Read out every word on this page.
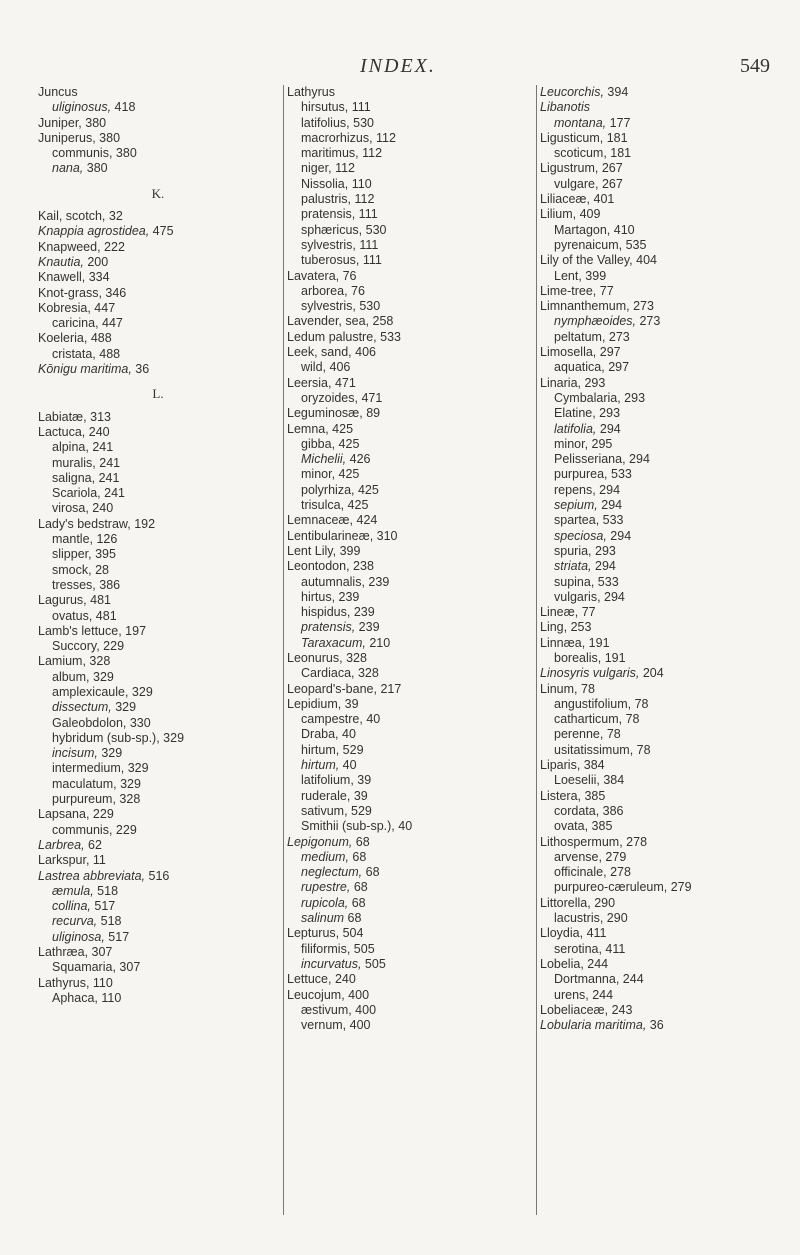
INDEX.	549
Juncus
uliginosus, 418
Juniper, 380
Juniperus, 380
communis, 380
nana, 380
K.
Kail, scotch, 32
Knappia agrostidea, 475
Knapweed, 222
Knautia, 200
Knawell, 334
Knot-grass, 346
Kobresia, 447
caricina, 447
Koeleria, 488
cristata, 488
Kōnigu maritima, 36
L.
Labiatæ, 313
Lactuca, 240
alpina, 241
muralis, 241
saligna, 241
Scariola, 241
virosa, 240
Lady's bedstraw, 192
mantle, 126
slipper, 395
smock, 28
tresses, 386
Lagurus, 481
ovatus, 481
Lamb's lettuce, 197
Succory, 229
Lamium, 328
album, 329
amplexicaule, 329
dissectum, 329
Galeobdolon, 330
hybridum (sub-sp.), 329
incisum, 329
intermedium, 329
maculatum, 329
purpureum, 328
Lapsana, 229
communis, 229
Larbrea, 62
Larkspur, 11
Lastrea abbreviata, 516
æmula, 518
collina, 517
recurva, 518
uliginosa, 517
Lathræa, 307
Squamaria, 307
Lathyrus, 110
Aphaca, 110
Lathyrus
hirsutus, 111
latifolius, 530
macrorhizus, 112
maritimus, 112
niger, 112
Nissolia, 110
palustris, 112
pratensis, 111
sphæricus, 530
sylvestris, 111
tuberosus, 111
Lavatera, 76
arborea, 76
sylvestris, 530
Lavender, sea, 258
Ledum palustre, 533
Leek, sand, 406
wild, 406
Leersia, 471
oryzoides, 471
Leguminosæ, 89
Lemna, 425
gibba, 425
Michelii, 426
minor, 425
polyrhiza, 425
trisulca, 425
Lemnaceæ, 424
Lentibularineæ, 310
Lent Lily, 399
Leontodon, 238
autumnalis, 239
hirtus, 239
hispidus, 239
pratensis, 239
Taraxacum, 210
Leonurus, 328
Cardiaca, 328
Leopard's-bane, 217
Lepidium, 39
campestre, 40
Draba, 40
hirtum, 529
hirtum, 40
latifolium, 39
ruderale, 39
sativum, 529
Smithii (sub-sp.), 40
Lepigonum, 68
medium, 68
neglectum, 68
rupestre, 68
rupicola, 68
salinum 68
Lepturus, 504
filiformis, 505
incurvatus, 505
Lettuce, 240
Leucojum, 400
æstivum, 400
vernum, 400
Leucorchis, 394
Libanotis
montana, 177
Ligusticum, 181
scoticum, 181
Ligustrum, 267
vulgare, 267
Liliaceæ, 401
Lilium, 409
Martagon, 410
pyrenaicum, 535
Lily of the Valley, 404
Lent, 399
Lime-tree, 77
Limnanthemum, 273
nymphæoides, 273
peltatum, 273
Limosella, 297
aquatica, 297
Linaria, 293
Cymbalaria, 293
Elatine, 293
latifolia, 294
minor, 295
Pelisseriana, 294
purpurea, 533
repens, 294
sepium, 294
spartea, 533
speciosa, 294
spuria, 293
striata, 294
supina, 533
vulgaris, 294
Lineæ, 77
Ling, 253
Linnæa, 191
borealis, 191
Linosyris vulgaris, 204
Linum, 78
angustifolium, 78
catharticum, 78
perenne, 78
usitatissimum, 78
Liparis, 384
Loeselii, 384
Listera, 385
cordata, 386
ovata, 385
Lithospermum, 278
arvense, 279
officinale, 278
purpureo-cæruleum, 279
Littorella, 290
lacustris, 290
Lloydia, 411
serotina, 411
Lobelia, 244
Dortmanna, 244
urens, 244
Lobeliaceæ, 243
Lobularia maritima, 36
